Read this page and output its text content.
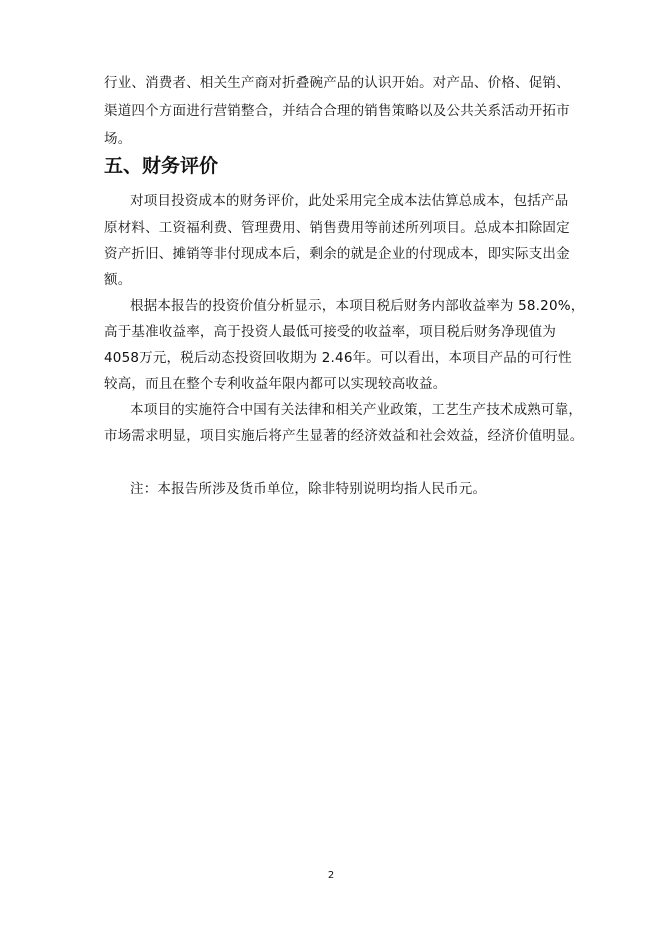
行业、消费者、相关生产商对折叠碗产品的认识开始。对产品、价格、促销、
渠道四个方面进行营销整合，并结合合理的销售策略以及公共关系活动开拓市
场。
五、财务评价
对项目投资成本的财务评价，此处采用完全成本法估算总成本，包括产品
原材料、工资福利费、管理费用、销售费用等前述所列项目。总成本扣除固定
资产折旧、摊销等非付现成本后，剩余的就是企业的付现成本，即实际支出金
额。
根据本报告的投资价值分析显示，本项目税后财务内部收益率为 58.20%，
高于基准收益率，高于投资人最低可接受的收益率，项目税后财务净现值为
4058万元，税后动态投资回收期为 2.46年。可以看出，本项目产品的可行性
较高，而且在整个专利收益年限内都可以实现较高收益。
本项目的实施符合中国有关法律和相关产业政策，工艺生产技术成熟可靠，
市场需求明显，项目实施后将产生显著的经济效益和社会效益，经济价值明显。
注：本报告所涉及货币单位，除非特别说明均指人民币元。
2
